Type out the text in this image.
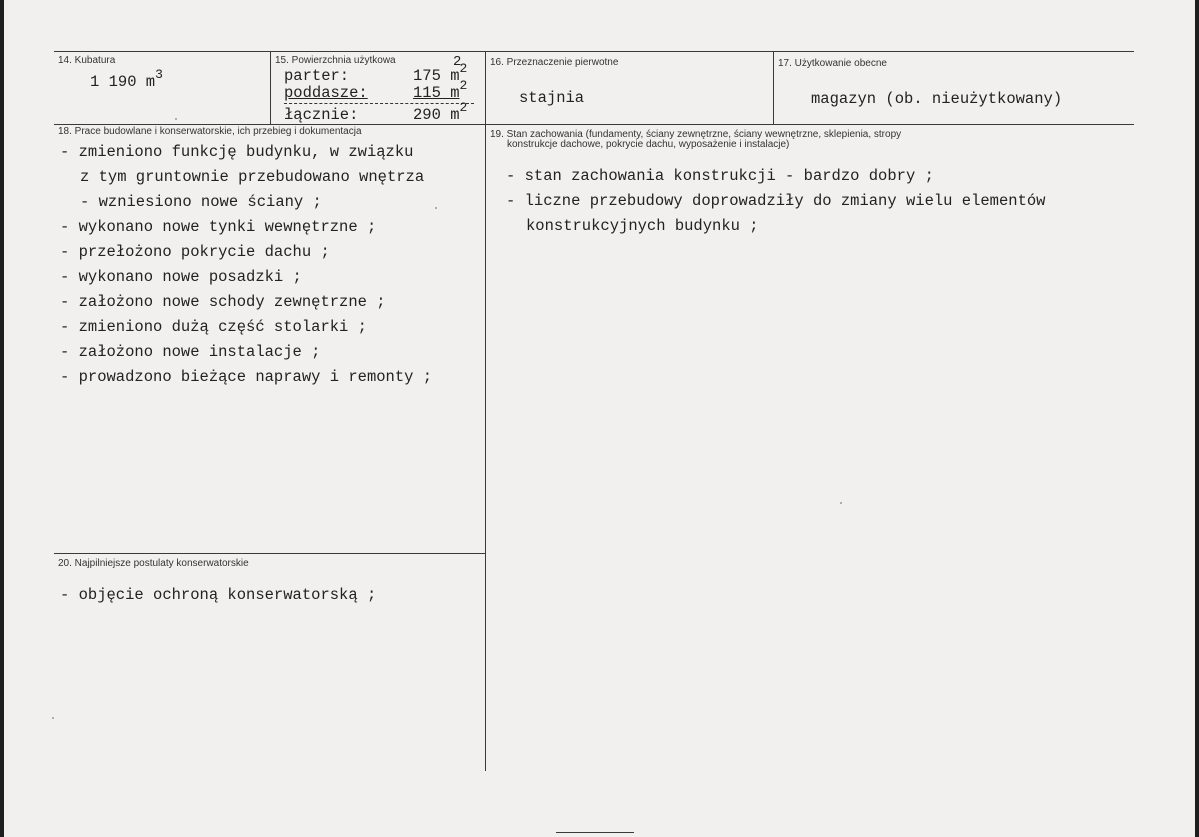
14. Kubatura
1 190 $m^3$
15. Powierzchnia użytkowa	2
parter:	175 $m^2$
poddasze:	115 $m^2$
łącznie:	290 $m^2$
16. Przeznaczenie pierwotne
stajnia
17. Użytkowanie obecne
magazyn (ob. nieużytkowany)
18. Prace budowlane i konserwatorskie, ich przebieg i dokumentacja
- zmieniono funkcję budynku, w związku
z tym gruntownie przebudowano wnętrza
- wzniesiono nowe ściany ;
- wykonano nowe tynki wewnętrzne ;
- przełożono pokrycie dachu ;
- wykonano nowe posadzki ;
- założono nowe schody zewnętrzne ;
- zmieniono dużą część stolarki ;
- założono nowe instalacje ;
- prowadzono bieżące naprawy i remonty ;
19. Stan zachowania (fundamenty, ściany zewnętrzne, ściany wewnętrzne, sklepienia, stropy
konstrukcje dachowe, pokrycie dachu, wyposażenie i instalacje)
- stan zachowania konstrukcji - bardzo dobry ;
- liczne przebudowy doprowadziły do zmiany wielu elementów
konstrukcyjnych budynku ;
20. Najpilniejsze postulaty konserwatorskie
- objęcie ochroną konserwatorską ;
